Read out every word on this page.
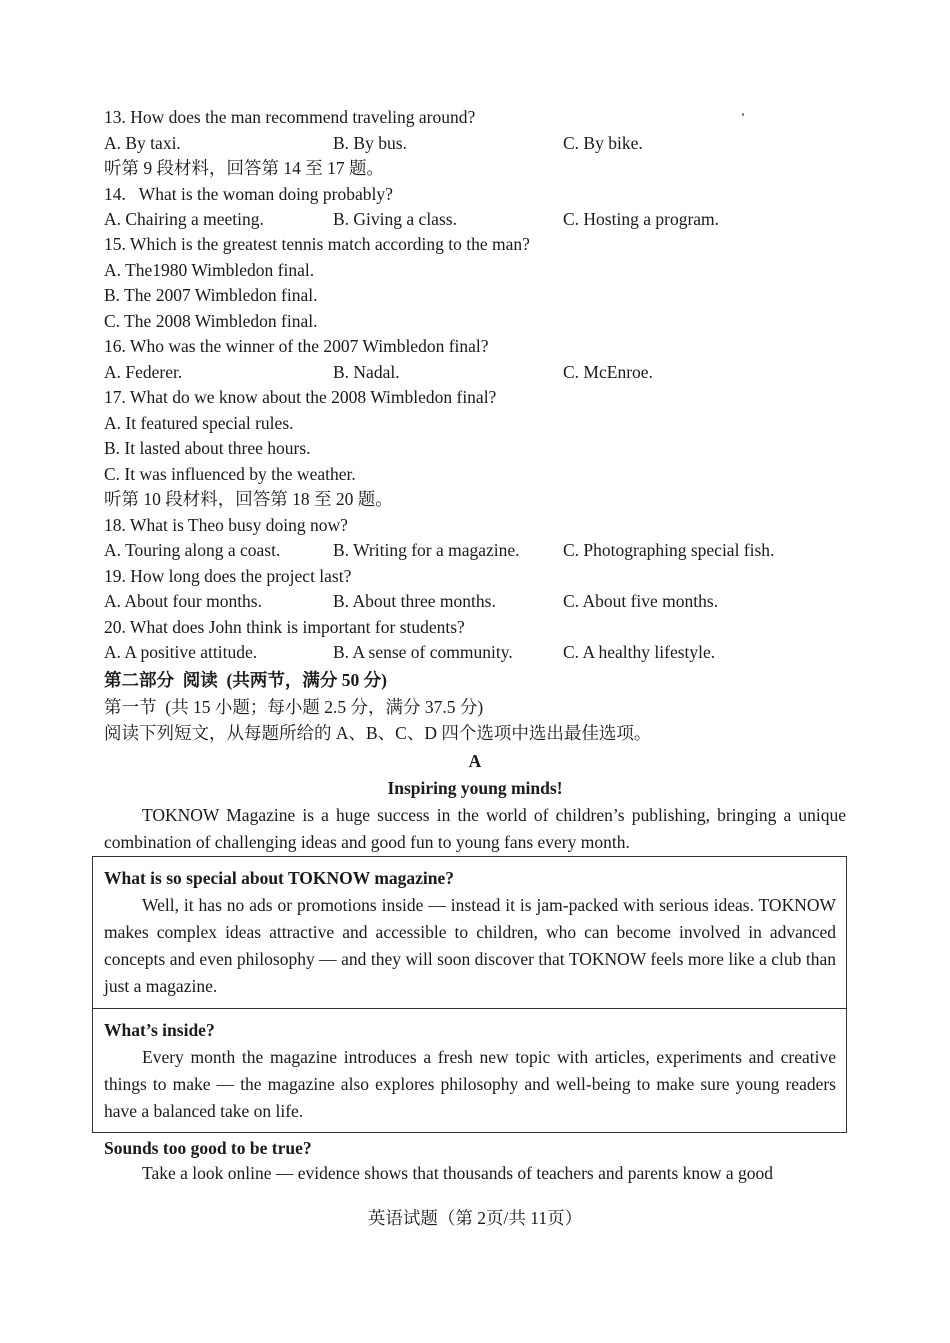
13. How does the man recommend traveling around?
A. By taxi.	B. By bus.	C. By bike.
听第 9 段材料，回答第 14 至 17 题。
14.   What is the woman doing probably?
A. Chairing a meeting.	B. Giving a class.	C. Hosting a program.
15. Which is the greatest tennis match according to the man?
A. The1980 Wimbledon final.
B. The 2007 Wimbledon final.
C. The 2008 Wimbledon final.
16. Who was the winner of the 2007 Wimbledon final?
A. Federer.	B. Nadal.	C. McEnroe.
17. What do we know about the 2008 Wimbledon final?
A. It featured special rules.
B. It lasted about three hours.
C. It was influenced by the weather.
听第 10 段材料，回答第 18 至 20 题。
18. What is Theo busy doing now?
A. Touring along a coast.	B. Writing for a magazine. C. Photographing special fish.
19. How long does the project last?
A. About four months.	B. About three months.	C. About five months.
20. What does John think is important for students?
A. A positive attitude.	B. A sense of community.	C. A healthy lifestyle.
第二部分  阅读  (共两节，满分 50 分)
第一节  (共 15 小题；每小题 2.5 分，满分 37.5 分)
阅读下列短文，从每题所给的 A、B、C、D 四个选项中选出最佳选项。
A
Inspiring young minds!
TOKNOW Magazine is a huge success in the world of children’s publishing, bringing a unique combination of challenging ideas and good fun to young fans every month.
What is so special about TOKNOW magazine?
Well, it has no ads or promotions inside — instead it is jam-packed with serious ideas. TOKNOW makes complex ideas attractive and accessible to children, who can become involved in advanced concepts and even philosophy — and they will soon discover that TOKNOW feels more like a club than just a magazine.
What’s inside?
Every month the magazine introduces a fresh new topic with articles, experiments and creative things to make — the magazine also explores philosophy and well-being to make sure young readers have a balanced take on life.
Sounds too good to be true?
Take a look online — evidence shows that thousands of teachers and parents know a good
英语试题（第 2页/共 11页）
